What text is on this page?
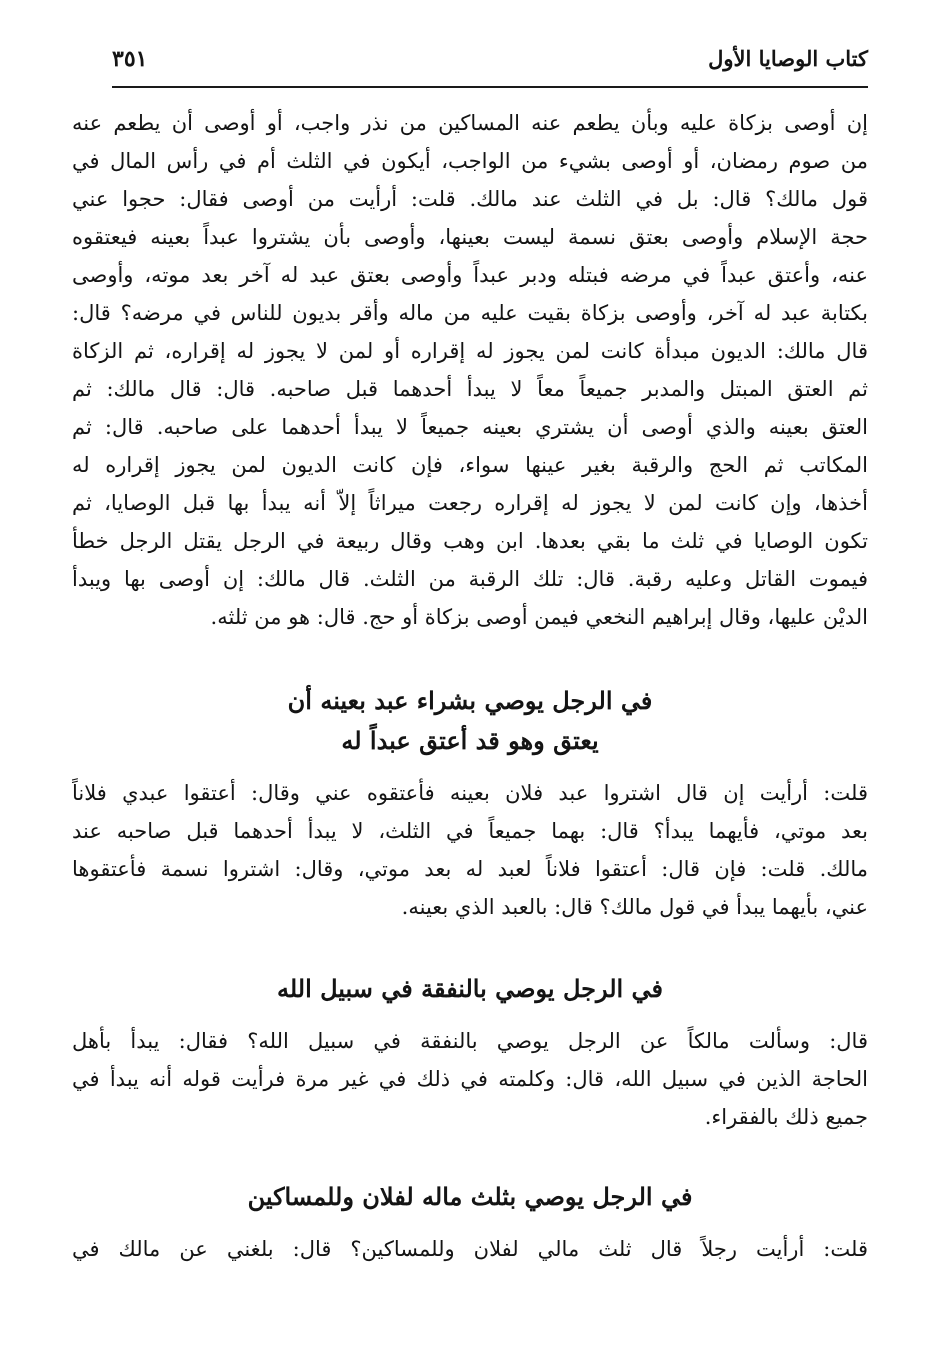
كتاب الوصايا الأول
٣٥١
إن أوصى بزكاة عليه وبأن يطعم عنه المساكين من نذر واجب، أو أوصى أن يطعم عنه
من صوم رمضان، أو أوصى بشيء من الواجب، أيكون في الثلث أم في رأس المال في
قول مالك؟ قال: بل في الثلث عند مالك. قلت: أرأيت من أوصى فقال: حجوا عني
حجة الإسلام وأوصى بعتق نسمة ليست بعينها، وأوصى بأن يشتروا عبداً بعينه فيعتقوه
عنه، وأعتق عبداً في مرضه فبتله ودبر عبداً وأوصى بعتق عبد له آخر بعد موته، وأوصى
بكتابة عبد له آخر، وأوصى بزكاة بقيت عليه من ماله وأقر بديون للناس في مرضه؟ قال:
قال مالك: الديون مبدأة كانت لمن يجوز له إقراره أو لمن لا يجوز له إقراره، ثم الزكاة
ثم العتق المبتل والمدبر جميعاً معاً لا يبدأ أحدهما قبل صاحبه. قال: قال مالك: ثم
العتق بعينه والذي أوصى أن يشتري بعينه جميعاً لا يبدأ أحدهما على صاحبه. قال: ثم
المكاتب ثم الحج والرقبة بغير عينها سواء، فإن كانت الديون لمن يجوز إقراره له
أخذها، وإن كانت لمن لا يجوز له إقراره رجعت ميراثاً إلاّ أنه يبدأ بها قبل الوصايا، ثم
تكون الوصايا في ثلث ما بقي بعدها. ابن وهب وقال ربيعة في الرجل يقتل الرجل خطأ
فيموت القاتل وعليه رقبة. قال: تلك الرقبة من الثلث. قال مالك: إن أوصى بها ويبدأ
الديْن عليها، وقال إبراهيم النخعي فيمن أوصى بزكاة أو حج. قال: هو من ثلثه.
في الرجل يوصي بشراء عبد بعينه أن
يعتق وهو قد أعتق عبداً له
قلت: أرأيت إن قال اشتروا عبد فلان بعينه فأعتقوه عني وقال: أعتقوا عبدي فلاناً
بعد موتي، فأيهما يبدأ؟ قال: بهما جميعاً في الثلث، لا يبدأ أحدهما قبل صاحبه عند
مالك. قلت: فإن قال: أعتقوا فلاناً لعبد له بعد موتي، وقال: اشتروا نسمة فأعتقوها
عني، بأيهما يبدأ في قول مالك؟ قال: بالعبد الذي بعينه.
في الرجل يوصي بالنفقة في سبيل الله
قال: وسألت مالكاً عن الرجل يوصي بالنفقة في سبيل الله؟ فقال: يبدأ بأهل
الحاجة الذين في سبيل الله، قال: وكلمته في ذلك في غير مرة فرأيت قوله أنه يبدأ في
جميع ذلك بالفقراء.
في الرجل يوصي بثلث ماله لفلان وللمساكين
قلت: أرأيت رجلاً قال ثلث مالي لفلان وللمساكين؟ قال: بلغني عن مالك في
